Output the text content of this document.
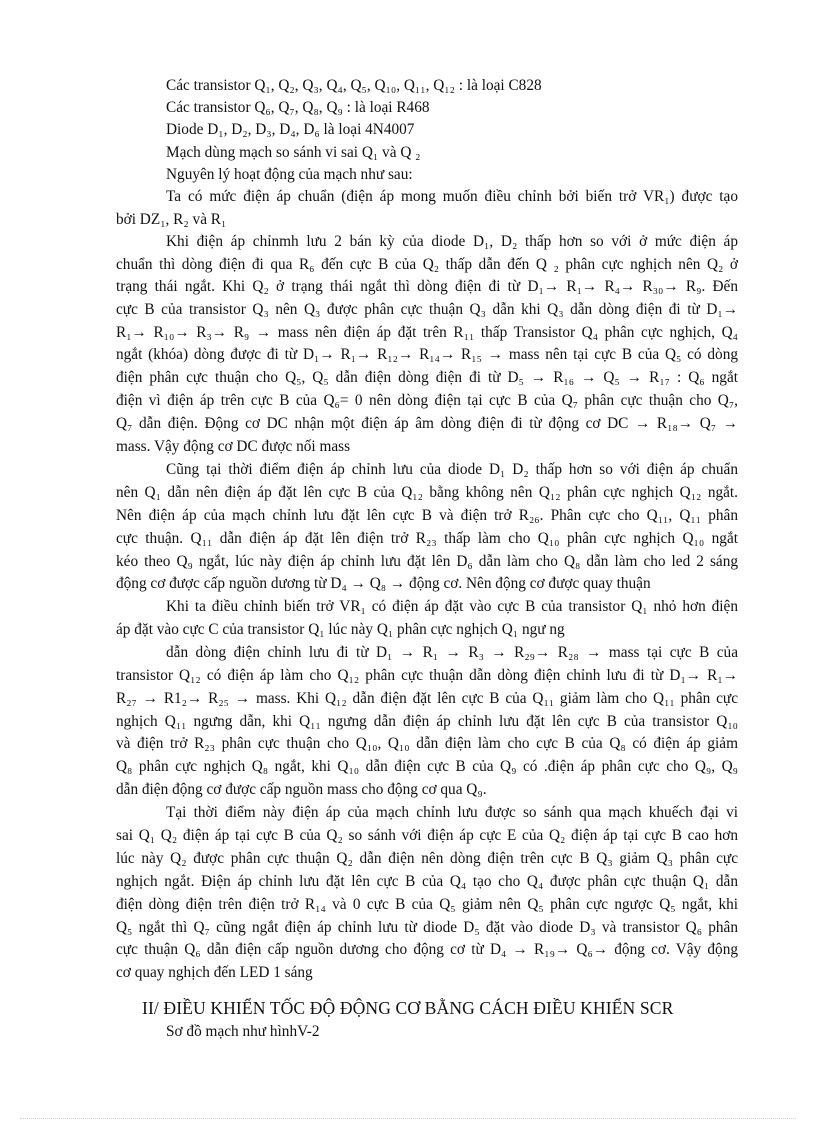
Các transistor Q₁, Q₂, Q₃, Q₄, Q₅, Q₁₀, Q₁₁, Q₁₂ : là loại C828
Các transistor Q₆, Q₇, Q₈, Q₉ : là loại R468
Diode D₁, D₂, D₃, D₄, D₆ là loại 4N4007
Mạch dùng mạch so sánh vi sai Q₁ và Q ₂
Nguyên lý hoạt động của mạch như sau:
Ta có mức điện áp chuẩn (điện áp mong muốn điều chỉnh bởi biến trở VR₁) được tạo
bởi DZ₁, R₂ và R₁
Khi điện áp chỉnmh lưu 2 bán kỳ của diode D₁, D₂ thấp hơn so với ở mức điện áp
chuẩn thì dòng điện đi qua R₆ đến cực B của Q₂ thấp dẫn đến Q ₂ phân cực nghịch nên Q₂ ở
trạng thái ngắt. Khi Q₂ ở trạng thái ngắt thì dòng điện đi từ D₁→ R₁→ R₄→ R₃₀→ R₉. Đến
cực B của transistor Q₃ nên Q₃ được phân cực thuận Q₃ dẫn khi Q₃ dẫn dòng điện đi từ D₁→
R₁→ R₁₀→ R₃→ R₉ → mass nên điện áp đặt trên R₁₁ thấp Transistor Q₄ phân cực nghịch, Q₄
ngắt (khóa) dòng được đi từ D₁→ R₁→ R₁₂→ R₁₄→ R₁₅ → mass nên tại cực B của Q₅ có dòng
điện phân cực thuận cho Q₅, Q₅ dẫn điện dòng điện đi từ D₅ → R₁₆ → Q₅ → R₁₇ : Q₆ ngắt
điện vì điện áp trên cực B của Q₆= 0 nên dòng điện tại cực B của Q₇ phân cực thuận cho Q₇,
Q₇ dẫn điện. Động cơ DC nhận một điện áp âm dòng điện đi từ động cơ DC → R₁₈→ Q₇ →
mass. Vậy động cơ DC được nối mass
Cũng tại thời điểm điện áp chỉnh lưu của diode D₁ D₂ thấp hơn so với điện áp chuẩn
nên Q₁ dẫn nên điện áp đặt lên cực B của Q₁₂ bằng không nên Q₁₂ phân cực nghịch Q₁₂ ngắt.
Nên điện áp của mạch chỉnh lưu đặt lên cực B và điện trở R₂₆. Phân cực cho Q₁₁, Q₁₁ phân
cực thuận. Q₁₁ dẫn điện áp đặt lên điện trở R₂₃ thấp làm cho Q₁₀ phân cực nghịch Q₁₀ ngắt
kéo theo Q₉ ngắt, lúc này điện áp chỉnh lưu đặt lên D₆ dẫn làm cho Q₈ dẫn làm cho led 2 sáng
động cơ được cấp nguồn dương từ D₄ → Q₈ → động cơ. Nên động cơ được quay thuận
Khi ta điều chỉnh biến trở VR₁ có điện áp đặt vào cực B của transistor Q₁ nhỏ hơn điện
áp đặt vào cực C của transistor Q₁ lúc này Q₁ phân cực nghịch Q₁ ngư ng
dẫn dòng điện chỉnh lưu đi từ D₁ → R₁ → R₃ → R₂₉→ R₂₈ → mass tại cực B của
transistor Q₁₂ có điện áp làm cho Q₁₂ phân cực thuận dẫn dòng điện chỉnh lưu đi từ D₁→ R₁→
R₂₇ → R1₂→ R₂₅ → mass. Khi Q₁₂ dẫn điện đặt lên cực B của Q₁₁ giảm làm cho Q₁₁ phân cực
nghịch Q₁₁ ngưng dẫn, khi Q₁₁ ngưng dẫn điện áp chỉnh lưu đặt lên cực B của transistor Q₁₀
và điện trở R₂₃ phân cực thuận cho Q₁₀, Q₁₀ dẫn điện làm cho cực B của Q₈ có điện áp giảm
Q₈ phân cực nghịch Q₈ ngắt, khi Q₁₀ dẫn điện cực B của Q₉ có .điện áp phân cực cho Q₉, Q₉
dẫn điện động cơ được cấp nguồn mass cho động cơ qua Q₉.
Tại thời điểm này điện áp của mạch chỉnh lưu được so sánh qua mạch khuếch đại vi
sai Q₁ Q₂ điện áp tại cực B của Q₂ so sánh với điện áp cực E của Q₂ điện áp tại cực B cao hơn
lúc này Q₂ được phân cực thuận Q₂ dẫn điện nên dòng điện trên cực B Q₃ giảm Q₃ phân cực
nghịch ngắt. Điện áp chỉnh lưu đặt lên cực B của Q₄ tạo cho Q₄ được phân cực thuận Q₁ dẫn
điện dòng điện trên điện trở R₁₄ và 0 cực B của Q₅ giảm nên Q₅ phân cực ngược Q₅ ngắt, khi
Q₅ ngắt thì Q₇ cũng ngắt điện áp chỉnh lưu từ diode D₅ đặt vào diode D₃ và transistor Q₆ phân
cực thuận Q₆ dẫn điện cấp nguồn dương cho động cơ từ D₄ → R₁₉→ Q₆→ động cơ. Vậy động
cơ quay nghịch đến LED 1 sáng
II/ ĐIỀU KHIỂN TỐC ĐỘ ĐỘNG CƠ BẰNG CÁCH ĐIỀU KHIỂN SCR
Sơ đồ mạch như hìnhV-2
